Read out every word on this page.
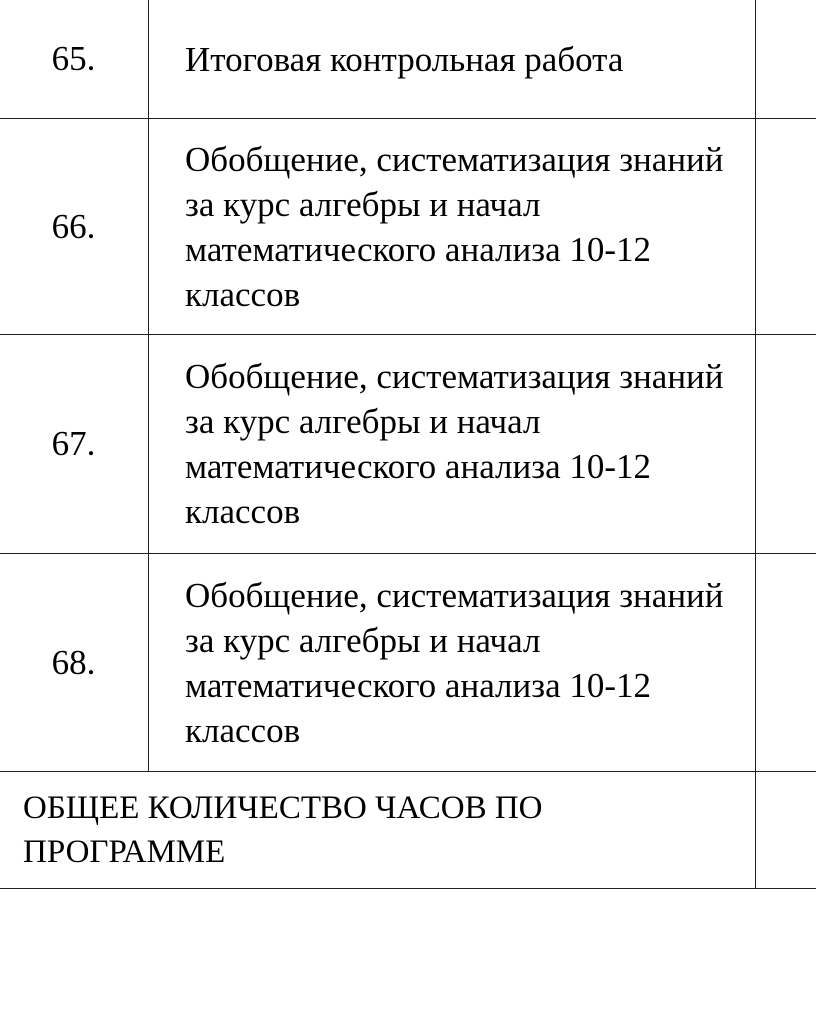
65.	Итоговая контрольная работа	
66.	Обобщение, систематизация знаний за курс алгебры и начал математического анализа 10-12 классов	
67.	Обобщение, систематизация знаний за курс алгебры и начал математического анализа 10-12 классов	
68.	Обобщение, систематизация знаний за курс алгебры и начал математического анализа 10-12 классов	
ОБЩЕЕ КОЛИЧЕСТВО ЧАСОВ ПО ПРОГРАММЕ		
